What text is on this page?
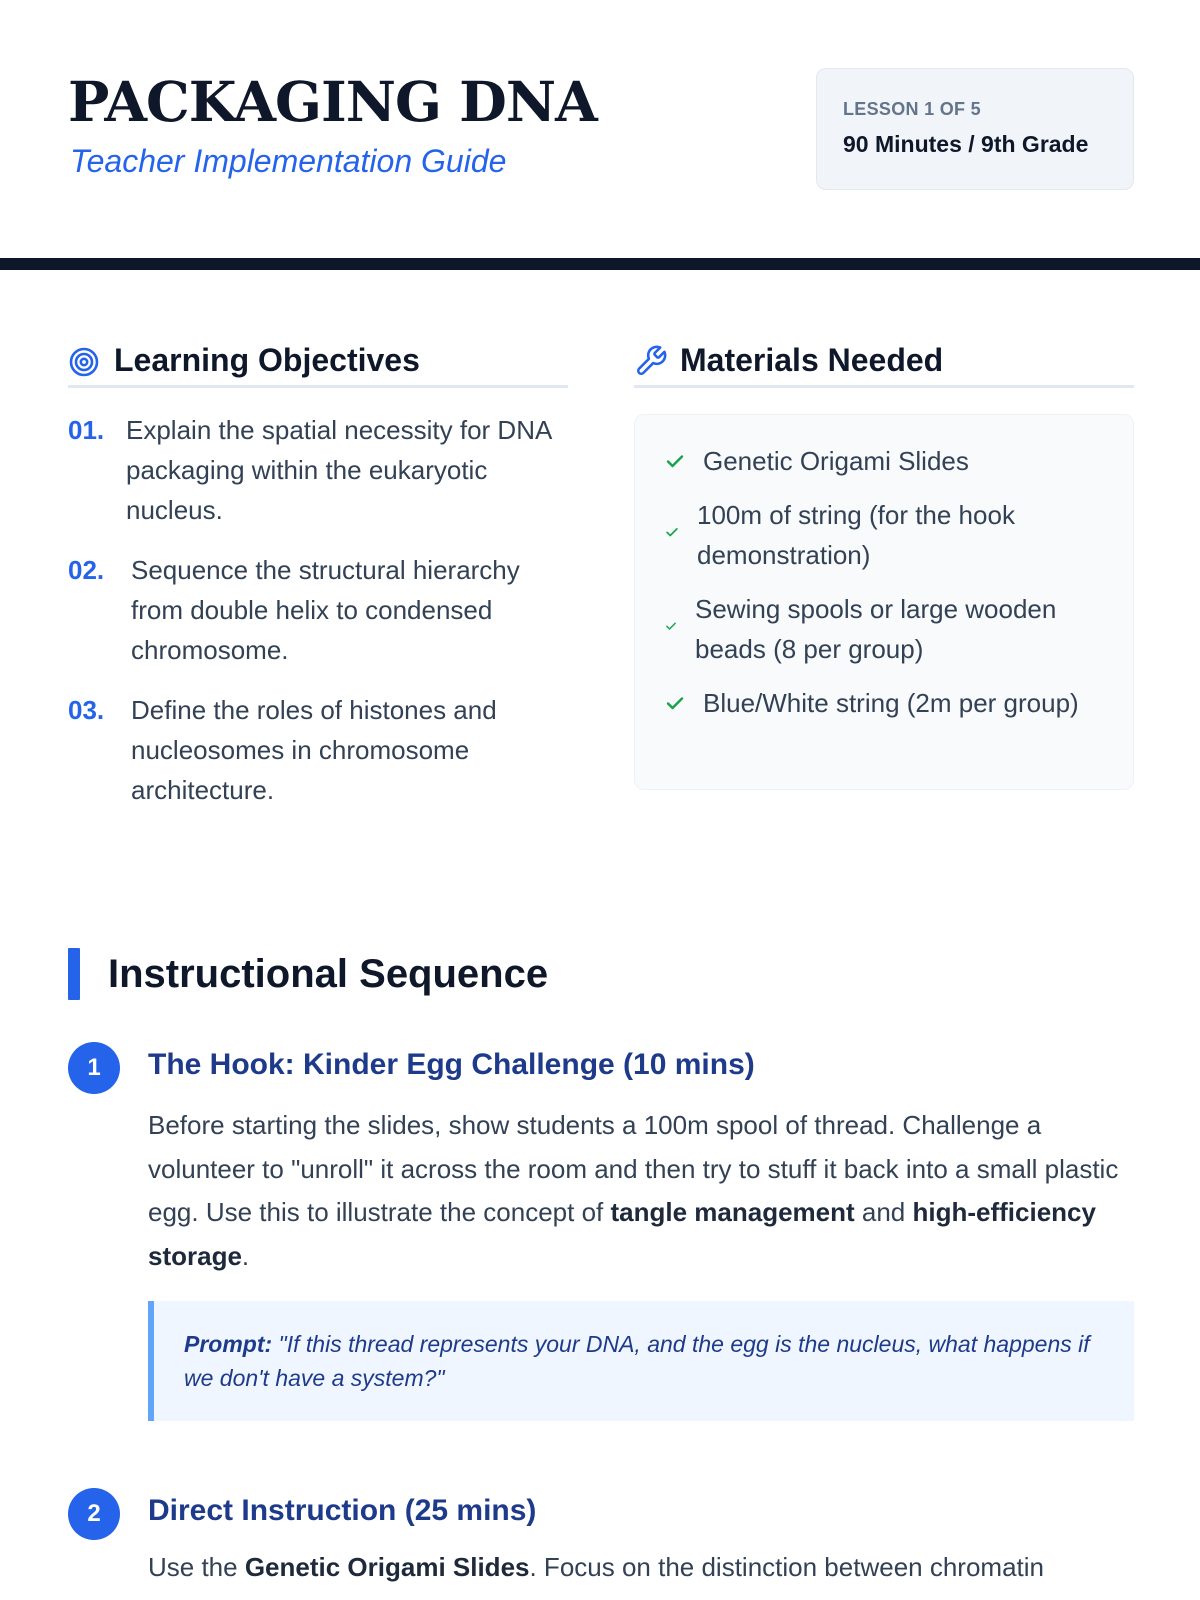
PACKAGING DNA
Teacher Implementation Guide
LESSON 1 OF 5
90 Minutes / 9th Grade
Learning Objectives
01. Explain the spatial necessity for DNA packaging within the eukaryotic nucleus.
02.	Sequence the structural hierarchy from double helix to condensed chromosome.
03.	Define the roles of histones and nucleosomes in chromosome architecture.
Materials Needed
Genetic Origami Slides
100m of string (for the hook demonstration)
Sewing spools or large wooden beads (8 per group)
Blue/White string (2m per group)
Instructional Sequence
1	The Hook: Kinder Egg Challenge (10 mins)

Before starting the slides, show students a 100m spool of thread. Challenge a volunteer to "unroll" it across the room and then try to stuff it back into a small plastic egg. Use this to illustrate the concept of tangle management and high-efficiency storage.

Prompt: "If this thread represents your DNA, and the egg is the nucleus, what happens if we don't have a system?"
2	Direct Instruction (25 mins)

Use the Genetic Origami Slides. Focus on the distinction between chromatin
